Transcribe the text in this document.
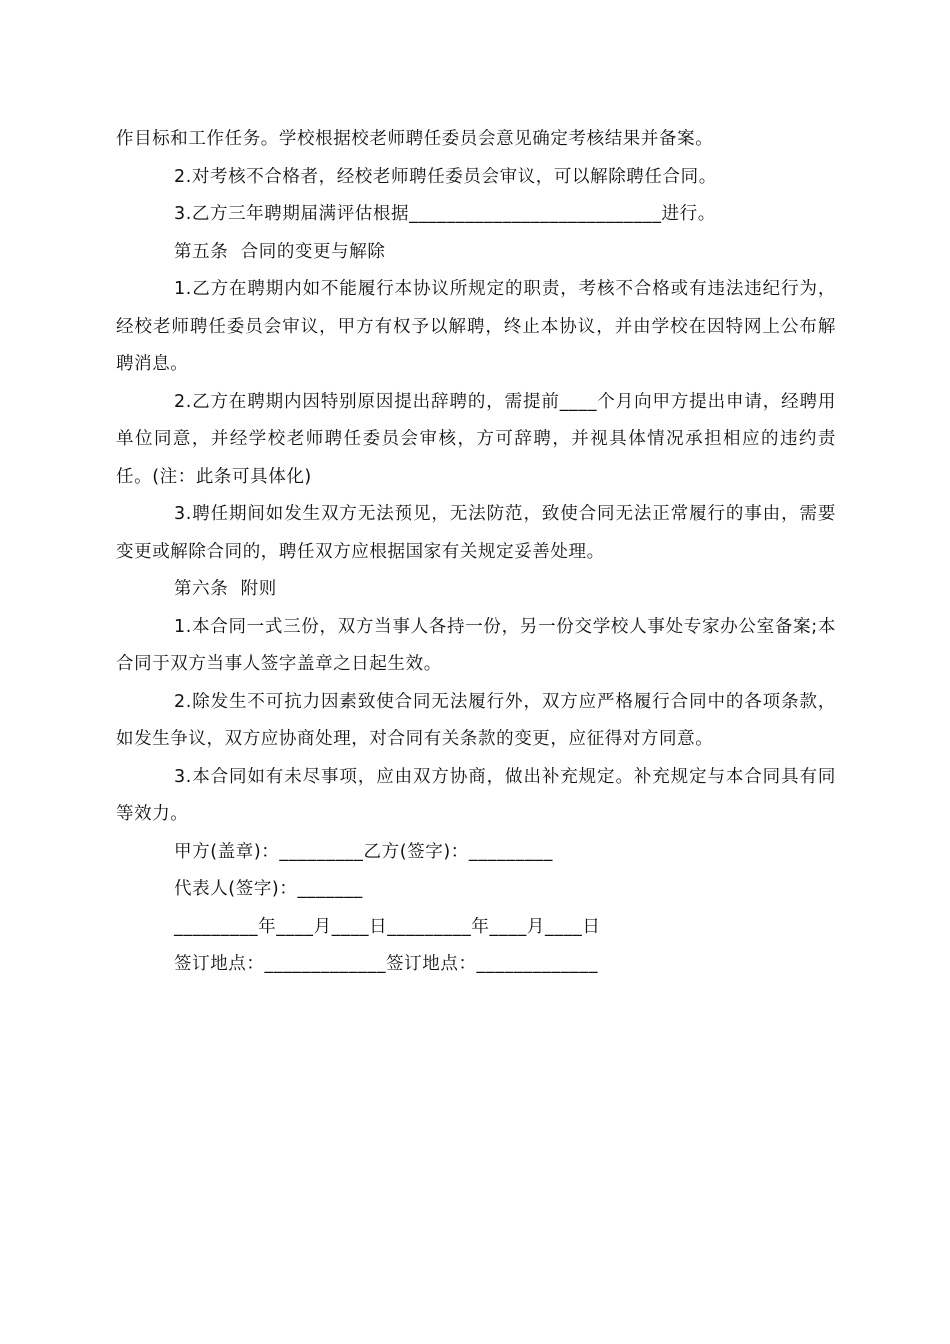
作目标和工作任务。学校根据校老师聘任委员会意见确定考核结果并备案。

2.对考核不合格者，经校老师聘任委员会审议，可以解除聘任合同。

3.乙方三年聘期届满评估根据___________________________进行。

第五条  合同的变更与解除

1.乙方在聘期内如不能履行本协议所规定的职责，考核不合格或有违法违纪行为，经校老师聘任委员会审议，甲方有权予以解聘，终止本协议，并由学校在因特网上公布解聘消息。

2.乙方在聘期内因特别原因提出辞聘的，需提前____个月向甲方提出申请，经聘用单位同意，并经学校老师聘任委员会审核，方可辞聘，并视具体情况承担相应的违约责任。(注：此条可具体化)

3.聘任期间如发生双方无法预见，无法防范，致使合同无法正常履行的事由，需要变更或解除合同的，聘任双方应根据国家有关规定妥善处理。

第六条  附则

1.本合同一式三份，双方当事人各持一份，另一份交学校人事处专家办公室备案;本合同于双方当事人签字盖章之日起生效。

2.除发生不可抗力因素致使合同无法履行外，双方应严格履行合同中的各项条款，如发生争议，双方应协商处理，对合同有关条款的变更，应征得对方同意。

3.本合同如有未尽事项，应由双方协商，做出补充规定。补充规定与本合同具有同等效力。

甲方(盖章)：_________乙方(签字)：_________

代表人(签字)：_______

_________年____月____日_________年____月____日

签订地点：_____________签订地点：_____________
